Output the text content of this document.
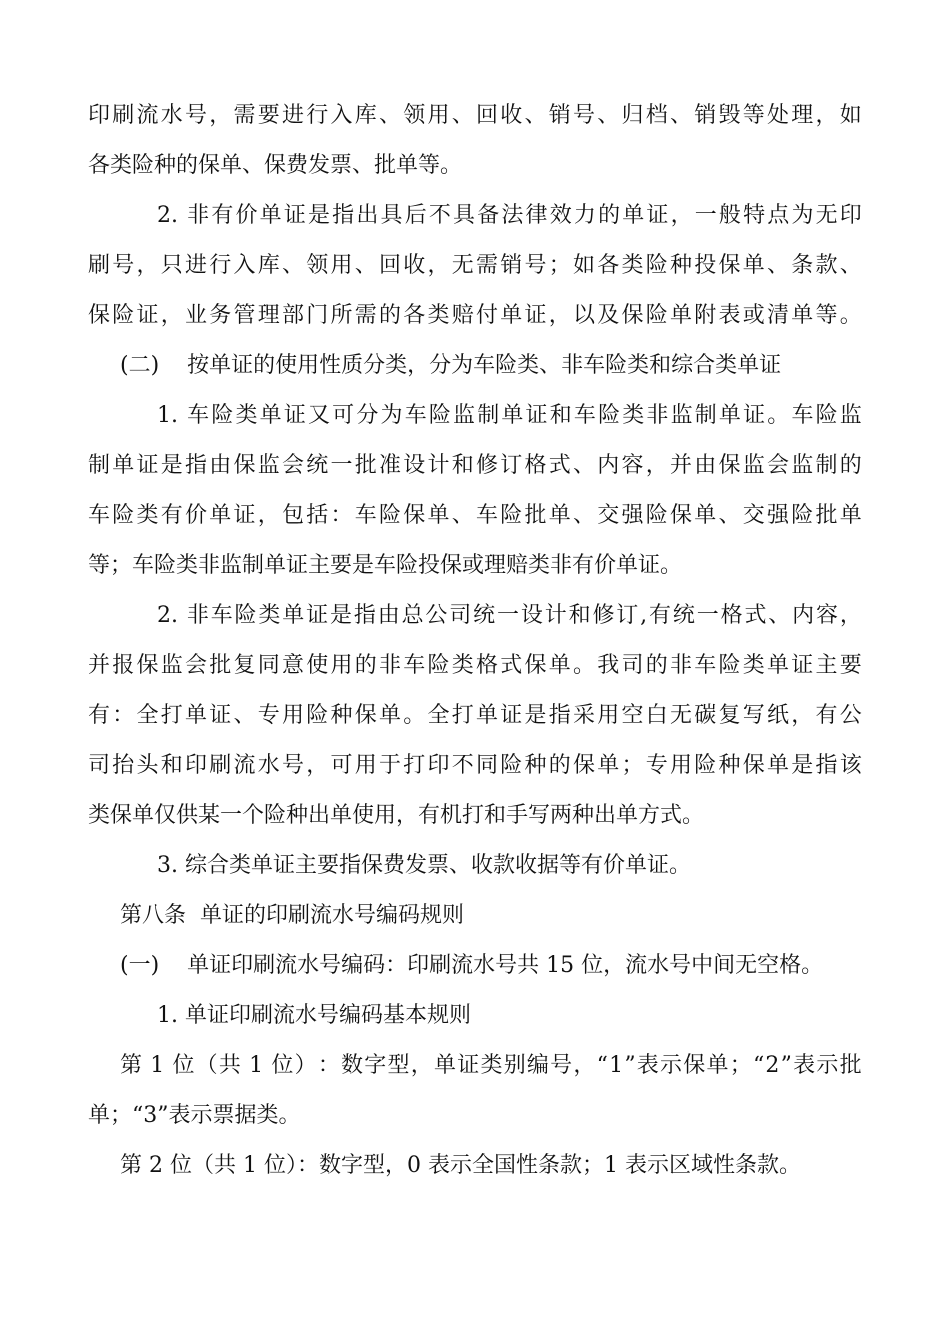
印 刷 流 水 号 ， 需 要 进 行 入 库 、 领 用 、 回 收 、 销 号 、 归 档 、 销 毁 等 处 理 ， 如
各类险种的保单、保费发票、批单等。
2. 非 有 价 单 证 是 指 出 具 后 不 具 备 法 律 效 力 的 单 证 ， 一 般 特 点 为 无 印
刷 号 ， 只 进 行 入 库 、 领 用 、 回 收 ， 无 需 销 号 ； 如 各 类 险 种 投 保 单 、 条 款 、
保 险 证 ， 业 务 管 理 部 门 所 需 的 各 类 赔 付 单 证 ， 以 及 保 险 单 附 表 或 清 单 等 。
(二)    按单证的使用性质分类，分为车险类、非车险类和综合类单证
1. 车 险 类 单 证 又 可 分 为 车 险 监 制 单 证 和 车 险 类 非 监 制 单 证 。 车 险 监
制 单 证 是 指 由 保 监 会 统 一 批 准 设 计 和 修 订 格 式 、 内 容 ， 并 由 保 监 会 监 制 的
车 险 类 有 价 单 证 ， 包 括 ： 车 险 保 单 、 车 险 批 单 、 交 强 险 保 单 、 交 强 险 批 单
等；车险类非监制单证主要是车险投保或理赔类非有价单证。
2. 非 车 险 类 单 证 是 指 由 总 公 司 统 一 设 计 和 修 订 , 有 统 一 格 式 、 内 容 ，
并 报 保 监 会 批 复 同 意 使 用 的 非 车 险 类 格 式 保 单 。 我 司 的 非 车 险 类 单 证 主 要
有 ： 全 打 单 证 、 专 用 险 种 保 单 。 全 打 单 证 是 指 采 用 空 白 无 碳 复 写 纸 ， 有 公
司 抬 头 和 印 刷 流 水 号 ， 可 用 于 打 印 不 同 险 种 的 保 单 ； 专 用 险 种 保 单 是 指 该
类保单仅供某一个险种出单使用，有机打和手写两种出单方式。
3. 综合类单证主要指保费发票、收款收据等有价单证。
第八条  单证的印刷流水号编码规则
(一)    单证印刷流水号编码：印刷流水号共 15 位，流水号中间无空格。
1. 单证印刷流水号编码基本规则
第 1 位 （ 共 1 位 ） ： 数 字 型 ， 单 证 类 别 编 号 ， “ 1 ” 表 示 保 单 ； “ 2 ” 表 示 批
单；“3”表示票据类。
第 2 位（共 1 位）：数字型，0 表示全国性条款；1 表示区域性条款。
